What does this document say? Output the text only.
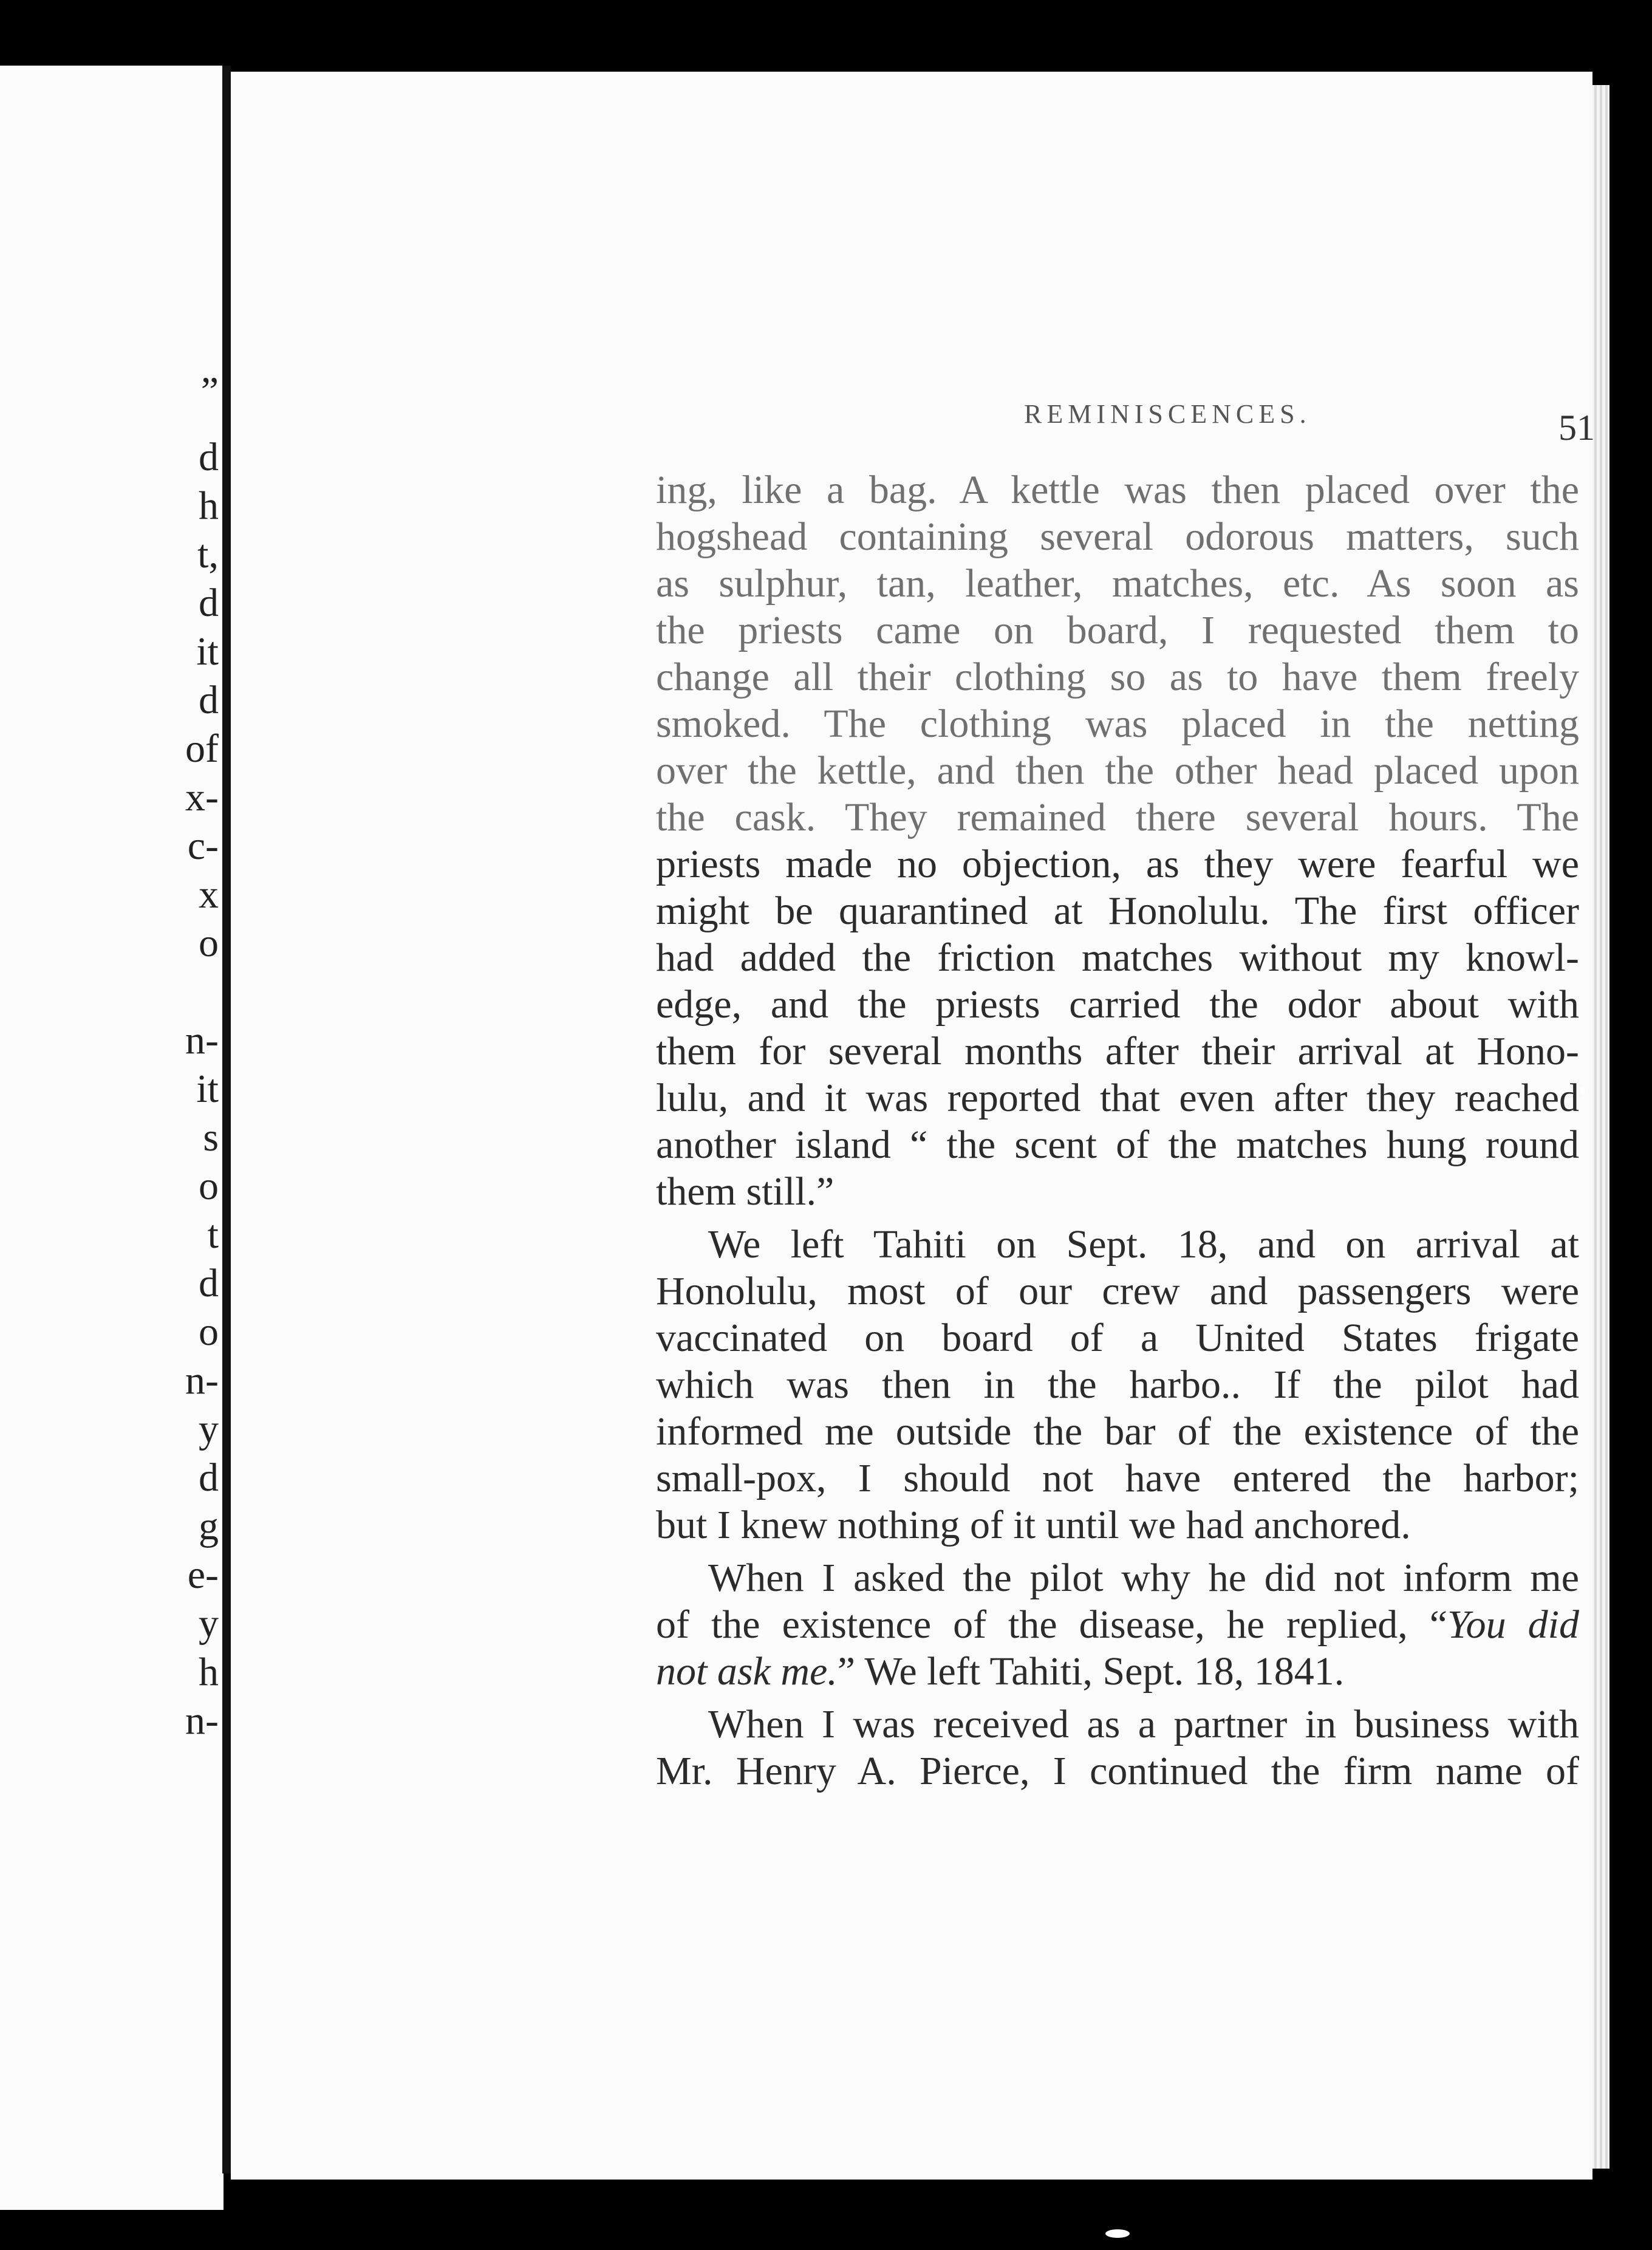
REMINISCENCES.	51
ing, like a bag. A kettle was then placed over the
hogshead containing several odorous matters, such
as sulphur, tan, leather, matches, etc. As soon as
the priests came on board, I requested them to
change all their clothing so as to have them freely
smoked. The clothing was placed in the netting
over the kettle, and then the other head placed upon
the cask. They remained there several hours. The
priests made no objection, as they were fearful we
might be quarantined at Honolulu. The first officer
had added the friction matches without my knowl-
edge, and the priests carried the odor about with
them for several months after their arrival at Hono-
lulu, and it was reported that even after they reached
another island “ the scent of the matches hung round
them still.”
We left Tahiti on Sept. 18, and on arrival at
Honolulu, most of our crew and passengers were
vaccinated on board of a United States frigate
which was then in the harbo.. If the pilot had
informed me outside the bar of the existence of the
small-pox, I should not have entered the harbor;
but I knew nothing of it until we had anchored.
When I asked the pilot why he did not inform me
of the existence of the disease, he replied, “You did
not ask me.” We left Tahiti, Sept. 18, 1841.
When I was received as a partner in business with
Mr. Henry A. Pierce, I continued the firm name of
”
d
h
t,
d
it
d
of
x-
c-
x
o
n-
it
s
o
t
d
o
n-
y
d
g
e-
y
h
n-
